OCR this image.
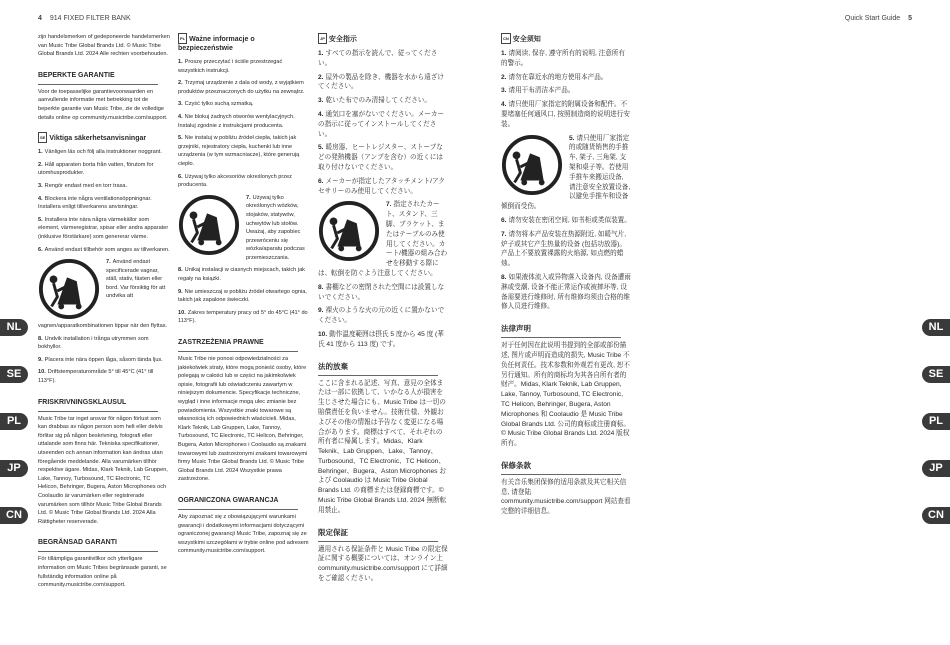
4 914 FIXED FILTER BANK	Quick Start Guide 5
NL
SE
PL
JP
CN
NL
SE
PL
JP
CN

zijn handelsmerken of gedeponeerde handelsmerken van Music Tribe Global Brands Ltd. © Music Tribe Global Brands Ltd. 2024 Alle rechten voorbehouden.

BEPERKTE GARANTIE

Voor de toepasselijke garantievoorwaarden en aanvullende informatie met betrekking tot de beperkte garantie van Music Tribe, zie de volledige details online op community.musictribe.com/support.

SE Viktiga säkerhetsanvisningar
1. Vänligen läs och följ alla instruktioner noggrant.
2. Håll apparaten borta från vatten, förutom for utomhusprodukter.
3. Rengör endast med en torr trasa.
4. Blockera inte några ventilationsöppningnar. Installera enligt tillverkarens anvisningar.
5. Installera inte nära några värmekällor som element, värmeregistrar, spisar eller andra apparater (inklusive förstärkare) som genererar värme.
6. Använd endast tillbehör som anges av tillverkaren.
7. Använd endast specificerade vagnar, ställ, stativ, fästen eller bord. Var försiktig för att undvika att vagnen/apparatkombinationen tippar när den flyttas.
8. Undvik installation i trånga utrymmen som bokhyllor.
9. Placera inte nära öppen låga, såsom tända ljus.
10. Driftstemperaturområde 5° till 45°C (41° till 113°F).
FRISKRIVNINGSKLAUSUL

Music Tribe tar inget ansvar för någon förlust som kan drabbas av någon person som helt eller delvis förlitar sig på någon beskrivning, fotografi eller uttalande som finns här. Tekniska specifikationer, utseenden och annan information kan ändras utan föregående meddelande. Alla varumärken tillhör respektive ägare. Midas, Klark Teknik, Lab Gruppen, Lake, Tannoy, Turbosound, TC Electronic, TC Helicon, Behringer, Bugera, Aston Microphones och Coolaudio är varumärken eller registrerade varumärken som tillhör Music Tribe Global Brands Ltd. © Music Tribe Global Brands Ltd. 2024 Alla Rättigheter reserverade.

BEGRÄNSAD GARANTI

För tillämpliga garantivillkor och ytterligare information om Music Tribes begränsade garanti, se fullständig information online på community.musictribe.com/support.

PL Ważne informacje o bezpieczeństwie
1. Proszę przeczytać i ściśle przestrzegać wszystkich instrukcji.
2. Trzymaj urządzenie z dala od wody, z wyjątkiem produktów przeznaczonych do użytku na zewnątrz.
3. Czyść tylko suchą szmatką.
4. Nie blokuj żadnych otworów wentylacyjnych. Instaluj zgodnie z instrukcjami producenta.
5. Nie instaluj w pobliżu źródeł ciepła, takich jak grzejniki, rejestratory ciepła, kuchenki lub inne urządzenia (w tym wzmacniacze), które generują ciepło.
6. Używaj tylko akcesoriów określonych przez producenta.
7. Używaj tylko określonych wózków, stojaków, statywów, uchwytów lub stołów. Uważaj, aby zapobiec przewróceniu się wózka/aparatu podczas przemieszczania.
8. Unikaj instalacji w ciasnych miejscach, takich jak regały na książki.
9. Nie umieszczaj w pobliżu źródeł otwartego ognia, takich jak zapalone świeczki.
10. Zakres temperatury pracy od 5° do 45°C (41° do 113°F).
ZASTRZEŻENIA PRAWNE

Music Tribe nie ponosi odpowiedzialności za jakiekolwiek straty, które mogą ponieść osoby, które polegają w całości lub w części na jakimkolwiek opisie, fotografii lub oświadczeniu zawartym w niniejszym dokumencie. Specyfikacje techniczne, wygląd i inne informacje mogą ulec zmianie bez powiadomienia. Wszystkie znaki towarowe są własnością ich odpowiednich właścicieli. Midas, Klark Teknik, Lab Gruppen, Lake, Tannoy, Turbosound, TC Electronic, TC Helicon, Behringer, Bugera, Aston Microphones i Coolaudio są znakami towarowymi lub zastrzeżonymi znakami towarowymi firmy Music Tribe Global Brands Ltd. © Music Tribe Global Brands Ltd. 2024 Wszystkie prawa zastrzeżone.

OGRANICZONA GWARANCJA

Aby zapoznać się z obowiązującymi warunkami gwarancji i dodatkowymi informacjami dotyczącymi ograniczonej gwarancji Music Tribe, zapoznaj się ze wszystkimi szczegółami w trybie online pod adresem community.musictribe.com/support.

JP 安全指示
1. すべての指示を読んで、従ってください。
2. 屋外の製品を除き、機器を水から遠ざけてください。
3. 乾いた布でのみ清掃してください。
4. 通気口を塞がないでください。メーカーの指示に従ってインストールしてください。
5. 暖房器、ヒートレジスター、ストーブなどの発熱機器（アンプを含む）の近くには取り付けないでください。
6. メーカーが指定したアタッチメント/アクセサリーのみ使用してください。
7. 指定されたカート、スタンド、三脚、ブラケット、またはテーブルのみ使用してください。カート/機器の組み合わせを移動する際には、転倒を防ぐよう注意してください。
8. 書棚などの密閉された空間には設置しないでください。
9. 裸火のような火の元の近くに置かないでください。
10. 動作温度範囲は摂氏 5 度から 45 度 (華氏 41 度から 113 度) です。
法的放棄

ここに含まれる記述、写真、意見の全体または一部に依拠して、いかなる人が損害を生じさせた場合にも、Music Tribe は一切の賠償責任を負いません。技術仕様、外観およびその他の情報は予告なく変更になる場合があります。商標はすべて、それぞれの所有者に帰属します。Midas、Klark Teknik、Lab Gruppen、Lake、Tannoy、Turbosound、TC Electronic、TC Helicon、Behringer、Bugera、Aston Microphones および Coolaudio は Music Tribe Global Brands Ltd. の商標または登録商標です。© Music Tribe Global Brands Ltd. 2024 無断転用禁止。

限定保証

適用される保証条件と Music Tribe の限定保証に関する概要については、オンライン上 community.musictribe.com/support にて詳細をご確認ください。

CN 安全须知
1. 请阅读, 保存, 遵守所有的说明, 注意所有的警示。
2. 请勿在靠近水的地方使用本产品。
3. 请用干布清洁本产品。
4. 请只使用厂家指定的附属设备和配件。不要堵塞任何通风口, 按照制造商的说明进行安装。
5. 请只使用厂家指定的或随货销售的手推车, 架子, 三角架, 支架和桌子等。若使用手推车来搬运设备, 请注意安全放置设备, 以避免手推车和设备倾倒而受伤。
6. 请勿安装在密闭空间, 如书柜或类似装置。
7. 请勿将本产品安装在热源附近, 如暖气片, 炉子或其它产生热量的设备 (包括功放器)。产品上不要放置裸露的火焰源, 如点燃的蜡烛。
8. 如果液体流入或异物落入设备内, 设备遭雨淋或受潮, 设备不能正常运作或被摔坏等, 设备需要进行维修时, 所有维修均须由合格的维修人员进行维修。
法律声明

对于任何因在此说明书提到的全部或部份描述, 图片或声明而造成的损失, Music Tribe 不负任何责任。技术参数和外观若有更改, 恕不另行通知。所有的商标均为其各自所有者的财产。Midas, Klark Teknik, Lab Gruppen, Lake, Tannoy, Turbosound, TC Electronic, TC Helicon, Behringer, Bugera, Aston Microphones 和 Coolaudio 是 Music Tribe Global Brands Ltd. 公司的商标或注册商标。© Music Tribe Global Brands Ltd. 2024 版权所有。

保修条款

有关音乐集团保修的适用条款及其它相关信息, 请登陆 community.musictribe.com/support 网站查看完整的详细信息。
